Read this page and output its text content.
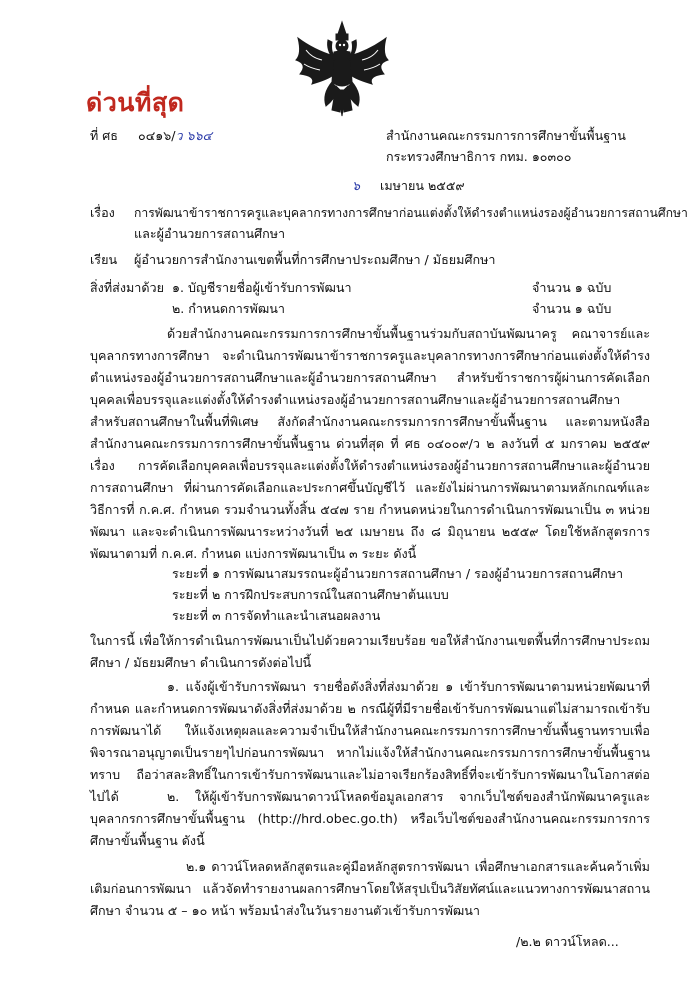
ด่วนที่สุด
ที่ ศธ ๐๔๑๖/ว ๖๖๔	สำนักงานคณะกรรมการการศึกษาขั้นพื้นฐาน
กระทรวงศึกษาธิการ กทม. ๑๐๓๐๐
๖ เมษายน ๒๕๕๙
เรื่อง การพัฒนาข้าราชการครูและบุคลากรทางการศึกษาก่อนแต่งตั้งให้ดำรงตำแหน่งรองผู้อำนวยการสถานศึกษา
และผู้อำนวยการสถานศึกษา
เรียน ผู้อำนวยการสำนักงานเขตพื้นที่การศึกษาประถมศึกษา / มัธยมศึกษา
สิ่งที่ส่งมาด้วย ๑. บัญชีรายชื่อผู้เข้ารับการพัฒนา	จำนวน ๑ ฉบับ
๒. กำหนดการพัฒนา	จำนวน ๑ ฉบับ
ด้วยสำนักงานคณะกรรมการการศึกษาขั้นพื้นฐานร่วมกับสถาบันพัฒนาครู คณาจารย์และบุคลากรทางการศึกษา จะดำเนินการพัฒนาข้าราชการครูและบุคลากรทางการศึกษาก่อนแต่งตั้งให้ดำรงตำแหน่งรองผู้อำนวยการสถานศึกษาและผู้อำนวยการสถานศึกษา สำหรับข้าราชการผู้ผ่านการคัดเลือกบุคคลเพื่อบรรจุและแต่งตั้งให้ดำรงตำแหน่งรองผู้อำนวยการสถานศึกษาและผู้อำนวยการสถานศึกษา สำหรับสถานศึกษาในพื้นที่พิเศษ สังกัดสำนักงานคณะกรรมการการศึกษาขั้นพื้นฐาน และตามหนังสือสำนักงานคณะกรรมการการศึกษาขั้นพื้นฐาน ด่วนที่สุด ที่ ศธ ๐๔๐๐๙/ว ๒ ลงวันที่ ๕ มกราคม ๒๕๕๙ เรื่อง การคัดเลือกบุคคลเพื่อบรรจุและแต่งตั้งให้ดำรงตำแหน่งรองผู้อำนวยการสถานศึกษาและผู้อำนวยการสถานศึกษา ที่ผ่านการคัดเลือกและประกาศขึ้นบัญชีไว้ และยังไม่ผ่านการพัฒนาตามหลักเกณฑ์และวิธีการที่ ก.ค.ศ. กำหนด รวมจำนวนทั้งสิ้น ๕๔๗ ราย กำหนดหน่วยในการดำเนินการพัฒนาเป็น ๓ หน่วยพัฒนา และจะดำเนินการพัฒนาระหว่างวันที่ ๒๕ เมษายน ถึง ๘ มิถุนายน ๒๕๕๙ โดยใช้หลักสูตรการพัฒนาตามที่ ก.ค.ศ. กำหนด แบ่งการพัฒนาเป็น ๓ ระยะ ดังนี้
ระยะที่ ๑ การพัฒนาสมรรถนะผู้อำนวยการสถานศึกษา / รองผู้อำนวยการสถานศึกษา
ระยะที่ ๒ การฝึกประสบการณ์ในสถานศึกษาต้นแบบ
ระยะที่ ๓ การจัดทำและนำเสนอผลงาน
ในการนี้ เพื่อให้การดำเนินการพัฒนาเป็นไปด้วยความเรียบร้อย ขอให้สำนักงานเขตพื้นที่การศึกษาประถมศึกษา / มัธยมศึกษา ดำเนินการดังต่อไปนี้
๑. แจ้งผู้เข้ารับการพัฒนา รายชื่อดังสิ่งที่ส่งมาด้วย ๑ เข้ารับการพัฒนาตามหน่วยพัฒนาที่กำหนด และกำหนดการพัฒนาดังสิ่งที่ส่งมาด้วย ๒ กรณีผู้ที่มีรายชื่อเข้ารับการพัฒนาแต่ไม่สามารถเข้ารับการพัฒนาได้ ให้แจ้งเหตุผลและความจำเป็นให้สำนักงานคณะกรรมการการศึกษาขั้นพื้นฐานทราบเพื่อพิจารณาอนุญาตเป็นรายๆไปก่อนการพัฒนา หากไม่แจ้งให้สำนักงานคณะกรรมการการศึกษาขั้นพื้นฐานทราบ ถือว่าสละสิทธิ์ในการเข้ารับการพัฒนาและไม่อาจเรียกร้องสิทธิ์ที่จะเข้ารับการพัฒนาในโอกาสต่อไปได้	๒. ให้ผู้เข้ารับการพัฒนาดาวน์โหลดข้อมูลเอกสาร จากเว็บไซต์ของสำนักพัฒนาครูและบุคลากรการศึกษาขั้นพื้นฐาน (http://hrd.obec.go.th) หรือเว็บไซต์ของสำนักงานคณะกรรมการการศึกษาขั้นพื้นฐาน ดังนี้
๒.๑ ดาวน์โหลดหลักสูตรและคู่มือหลักสูตรการพัฒนา เพื่อศึกษาเอกสารและค้นคว้าเพิ่มเติมก่อนการพัฒนา แล้วจัดทำรายงานผลการศึกษาโดยให้สรุปเป็นวิสัยทัศน์และแนวทางการพัฒนาสถานศึกษา จำนวน ๕ – ๑๐ หน้า พร้อมนำส่งในวันรายงานตัวเข้ารับการพัฒนา
/๒.๒ ดาวน์โหลด...
